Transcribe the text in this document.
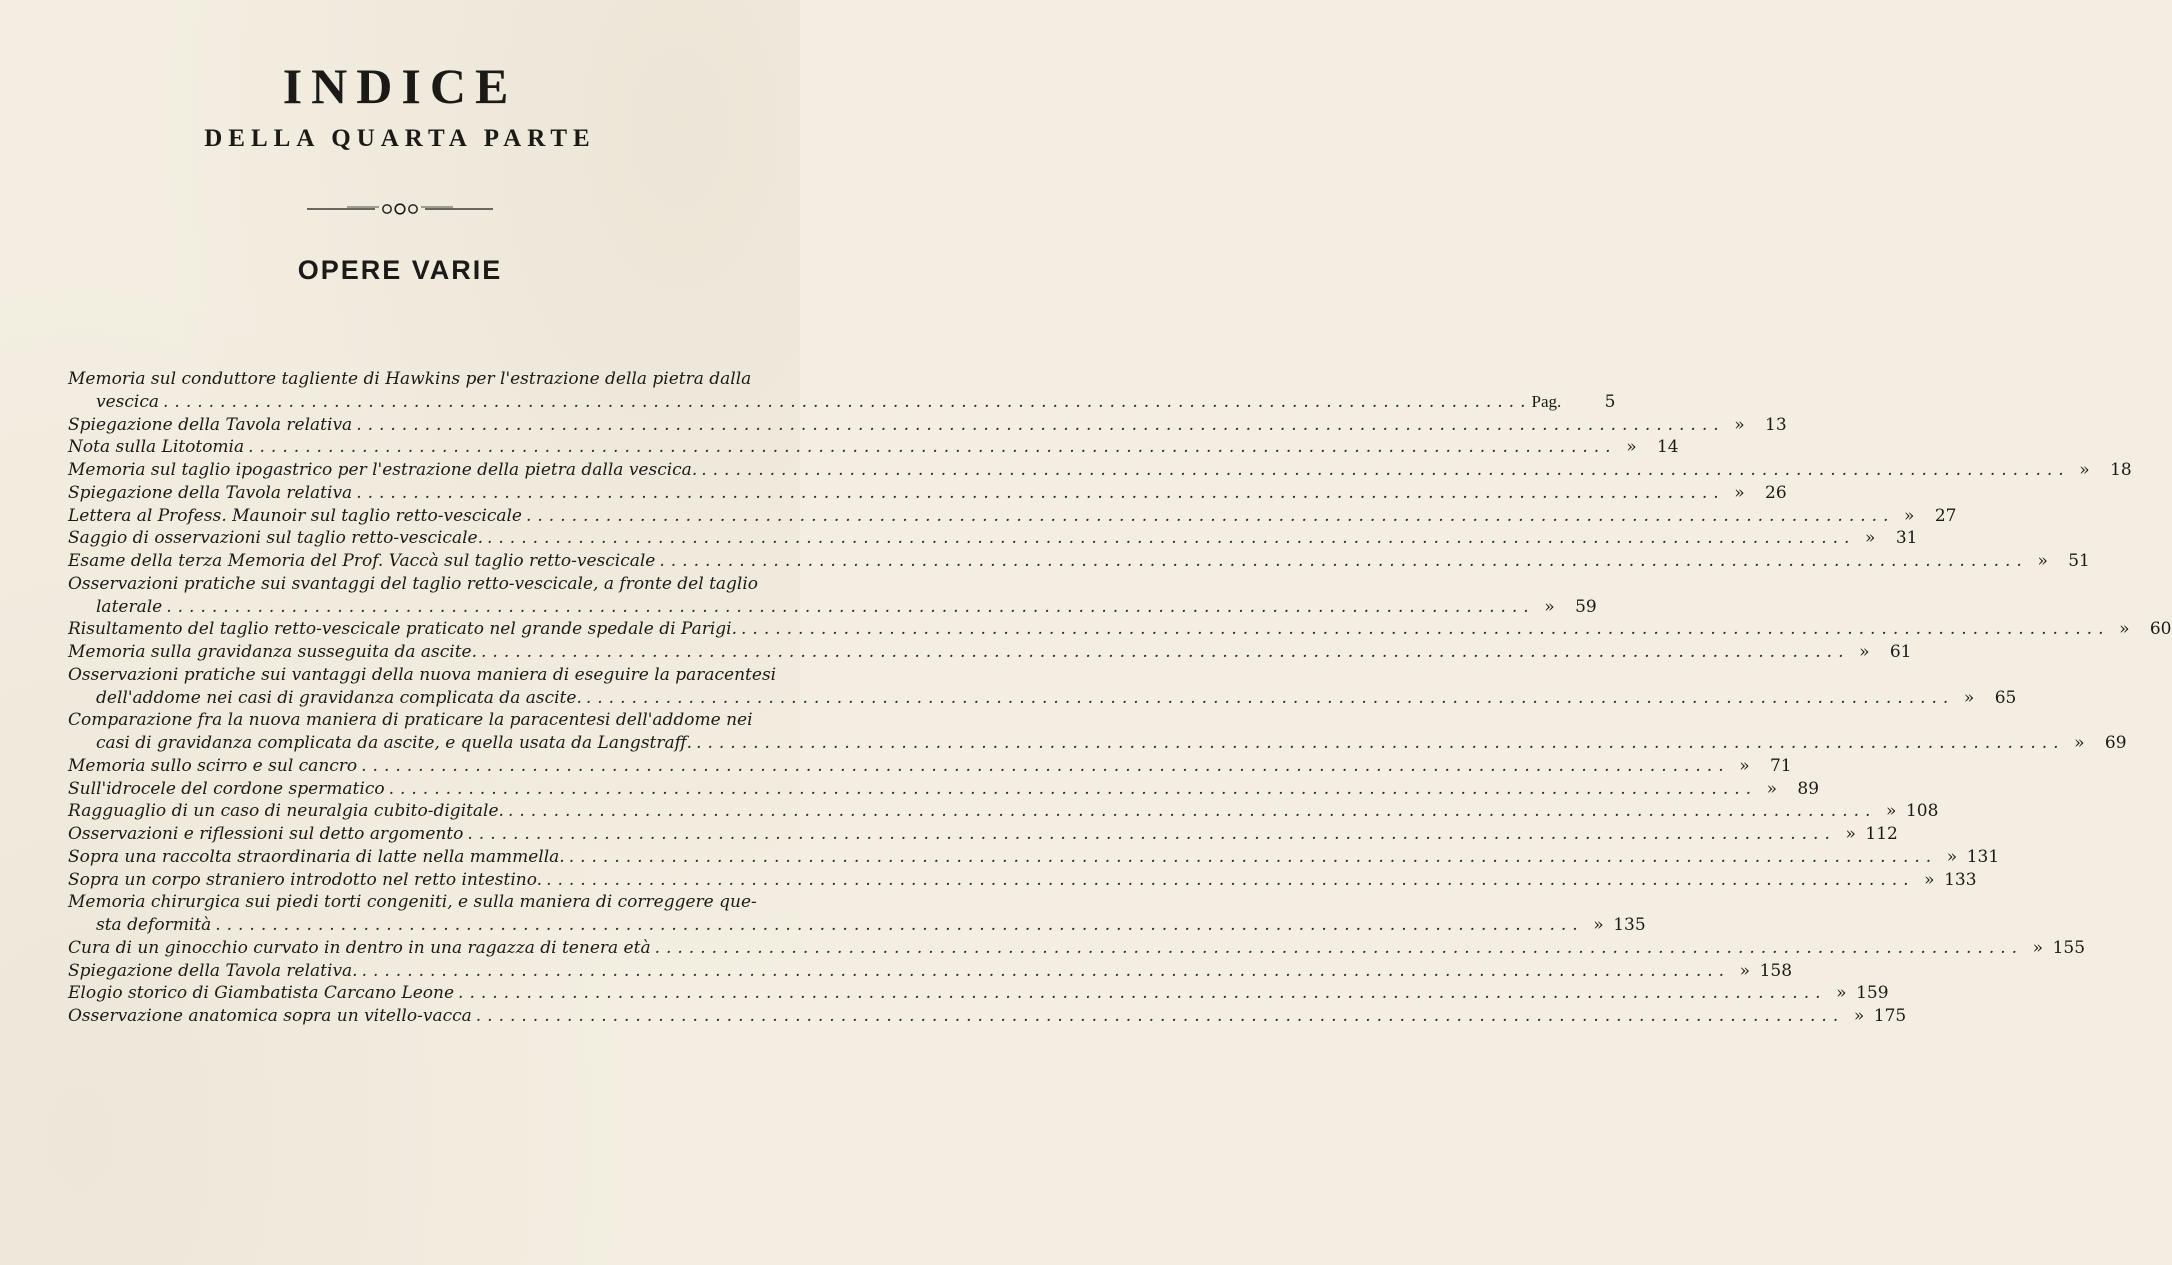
INDICE
DELLA QUARTA PARTE
OPERE VARIE
Memoria sul conduttore tagliente di Hawkins per l'estrazione della pietra dalla
vescica ........................................................................................................................ Pag.	5
Spiegazione della Tavola relativa ........................................................................................................................ »	13
Nota sulla Litotomia ........................................................................................................................ »	14
Memoria sul taglio ipogastrico per l'estrazione della pietra dalla vescica. ........................................................................................................................ »	18
Spiegazione della Tavola relativa ........................................................................................................................ »	26
Lettera al Profess. Maunoir sul taglio retto-vescicale ........................................................................................................................ »	27
Saggio di osservazioni sul taglio retto-vescicale. ........................................................................................................................ »	31
Esame della terza Memoria del Prof. Vaccà sul taglio retto-vescicale ........................................................................................................................ »	51
Osservazioni pratiche sui svantaggi del taglio retto-vescicale, a fronte del taglio
laterale ........................................................................................................................ »	59
Risultamento del taglio retto-vescicale praticato nel grande spedale di Parigi. ........................................................................................................................ »	60
Memoria sulla gravidanza susseguita da ascite. ........................................................................................................................ »	61
Osservazioni pratiche sui vantaggi della nuova maniera di eseguire la paracentesi
dell'addome nei casi di gravidanza complicata da ascite. ........................................................................................................................ »	65
Comparazione fra la nuova maniera di praticare la paracentesi dell'addome nei
casi di gravidanza complicata da ascite, e quella usata da Langstraff. ........................................................................................................................ »	69
Memoria sullo scirro e sul cancro ........................................................................................................................ »	71
Sull'idrocele del cordone spermatico ........................................................................................................................ »	89
Ragguaglio di un caso di neuralgia cubito-digitale. ........................................................................................................................ » 108
Osservazioni e riflessioni sul detto argomento ........................................................................................................................ » 112
Sopra una raccolta straordinaria di latte nella mammella. ........................................................................................................................ » 131
Sopra un corpo straniero introdotto nel retto intestino. ........................................................................................................................ » 133
Memoria chirurgica sui piedi torti congeniti, e sulla maniera di correggere que-
sta deformità ........................................................................................................................ » 135
Cura di un ginocchio curvato in dentro in una ragazza di tenera età ........................................................................................................................ » 155
Spiegazione della Tavola relativa. ........................................................................................................................ » 158
Elogio storico di Giambatista Carcano Leone ........................................................................................................................ » 159
Osservazione anatomica sopra un vitello-vacca ........................................................................................................................ » 175
